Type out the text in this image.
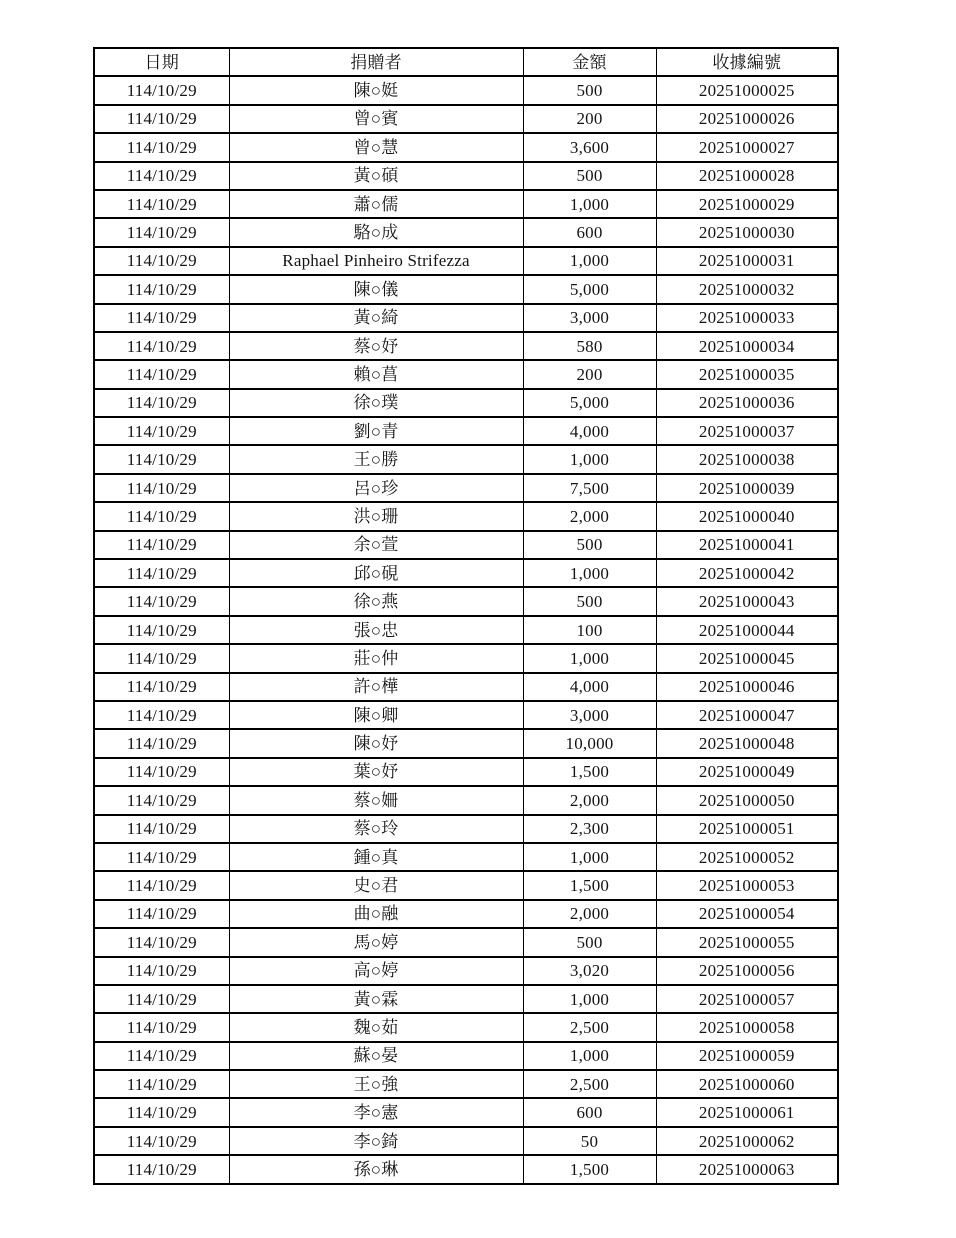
日期	捐贈者	金額	收據編號
114/10/29	陳○娗	500	20251000025
114/10/29	曾○賓	200	20251000026
114/10/29	曾○慧	3,600	20251000027
114/10/29	黃○碩	500	20251000028
114/10/29	蕭○儒	1,000	20251000029
114/10/29	駱○成	600	20251000030
114/10/29	Raphael Pinheiro Strifezza	1,000	20251000031
114/10/29	陳○儀	5,000	20251000032
114/10/29	黃○綺	3,000	20251000033
114/10/29	蔡○妤	580	20251000034
114/10/29	賴○菖	200	20251000035
114/10/29	徐○璞	5,000	20251000036
114/10/29	劉○青	4,000	20251000037
114/10/29	王○勝	1,000	20251000038
114/10/29	呂○珍	7,500	20251000039
114/10/29	洪○珊	2,000	20251000040
114/10/29	余○萱	500	20251000041
114/10/29	邱○硯	1,000	20251000042
114/10/29	徐○燕	500	20251000043
114/10/29	張○忠	100	20251000044
114/10/29	莊○仲	1,000	20251000045
114/10/29	許○樺	4,000	20251000046
114/10/29	陳○卿	3,000	20251000047
114/10/29	陳○妤	10,000	20251000048
114/10/29	葉○妤	1,500	20251000049
114/10/29	蔡○姍	2,000	20251000050
114/10/29	蔡○玲	2,300	20251000051
114/10/29	鍾○真	1,000	20251000052
114/10/29	史○君	1,500	20251000053
114/10/29	曲○融	2,000	20251000054
114/10/29	馬○婷	500	20251000055
114/10/29	高○婷	3,020	20251000056
114/10/29	黃○霖	1,000	20251000057
114/10/29	魏○茹	2,500	20251000058
114/10/29	蘇○晏	1,000	20251000059
114/10/29	王○強	2,500	20251000060
114/10/29	李○憲	600	20251000061
114/10/29	李○錡	50	20251000062
114/10/29	孫○琳	1,500	20251000063
